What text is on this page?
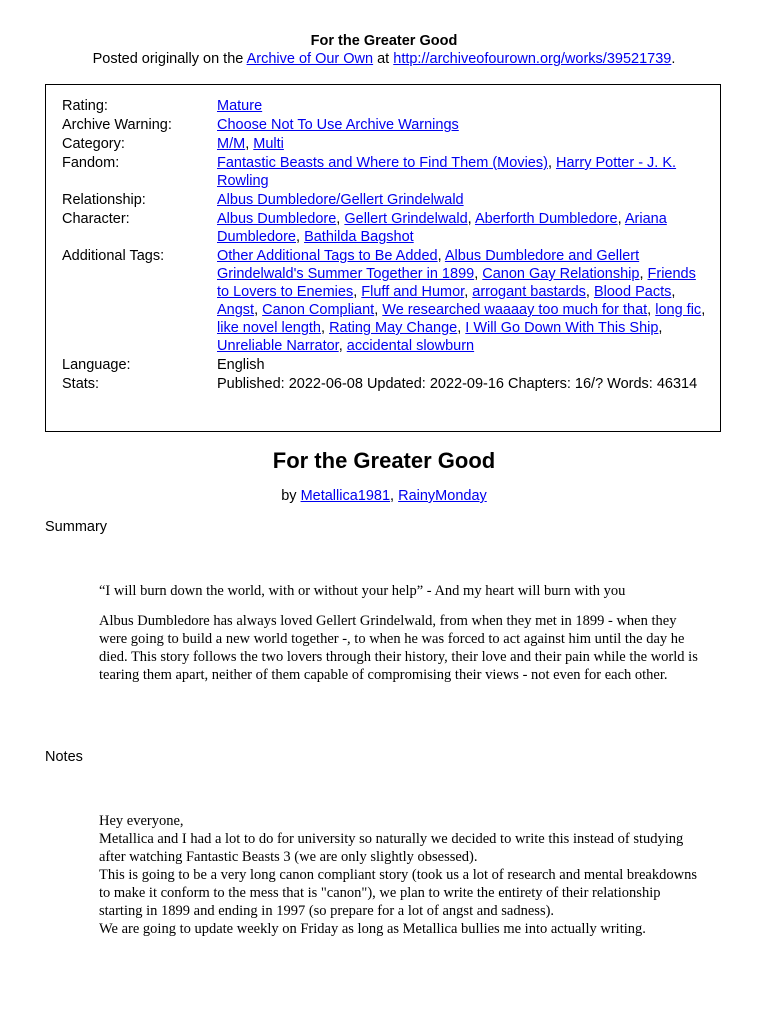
For the Greater Good
Posted originally on the Archive of Our Own at http://archiveofourown.org/works/39521739.
Rating:	Mature
Archive Warning:	Choose Not To Use Archive Warnings
Category:	M/M, Multi
Fandom:	Fantastic Beasts and Where to Find Them (Movies), Harry Potter - J. K. Rowling
Relationship:	Albus Dumbledore/Gellert Grindelwald
Character:	Albus Dumbledore, Gellert Grindelwald, Aberforth Dumbledore, Ariana Dumbledore, Bathilda Bagshot
Additional Tags:	Other Additional Tags to Be Added, Albus Dumbledore and Gellert Grindelwald's Summer Together in 1899, Canon Gay Relationship, Friends to Lovers to Enemies, Fluff and Humor, arrogant bastards, Blood Pacts, Angst, Canon Compliant, We researched waaaay too much for that, long fic, like novel length, Rating May Change, I Will Go Down With This Ship, Unreliable Narrator, accidental slowburn
Language:	English
Stats:	Published: 2022-06-08 Updated: 2022-09-16 Chapters: 16/? Words: 46314
For the Greater Good
by Metallica1981, RainyMonday
Summary

“I will burn down the world, with or without your help” - And my heart will burn with you

Albus Dumbledore has always loved Gellert Grindelwald, from when they met in 1899 - when they were going to build a new world together -, to when he was forced to act against him until the day he died. This story follows the two lovers through their history, their love and their pain while the world is tearing them apart, neither of them capable of compromising their views - not even for each other.

Notes
Hey everyone,
Metallica and I had a lot to do for university so naturally we decided to write this instead of studying after watching Fantastic Beasts 3 (we are only slightly obsessed).
This is going to be a very long canon compliant story (took us a lot of research and mental breakdowns to make it conform to the mess that is "canon"), we plan to write the entirety of their relationship starting in 1899 and ending in 1997 (so prepare for a lot of angst and sadness).
We are going to update weekly on Friday as long as Metallica bullies me into actually writing.
